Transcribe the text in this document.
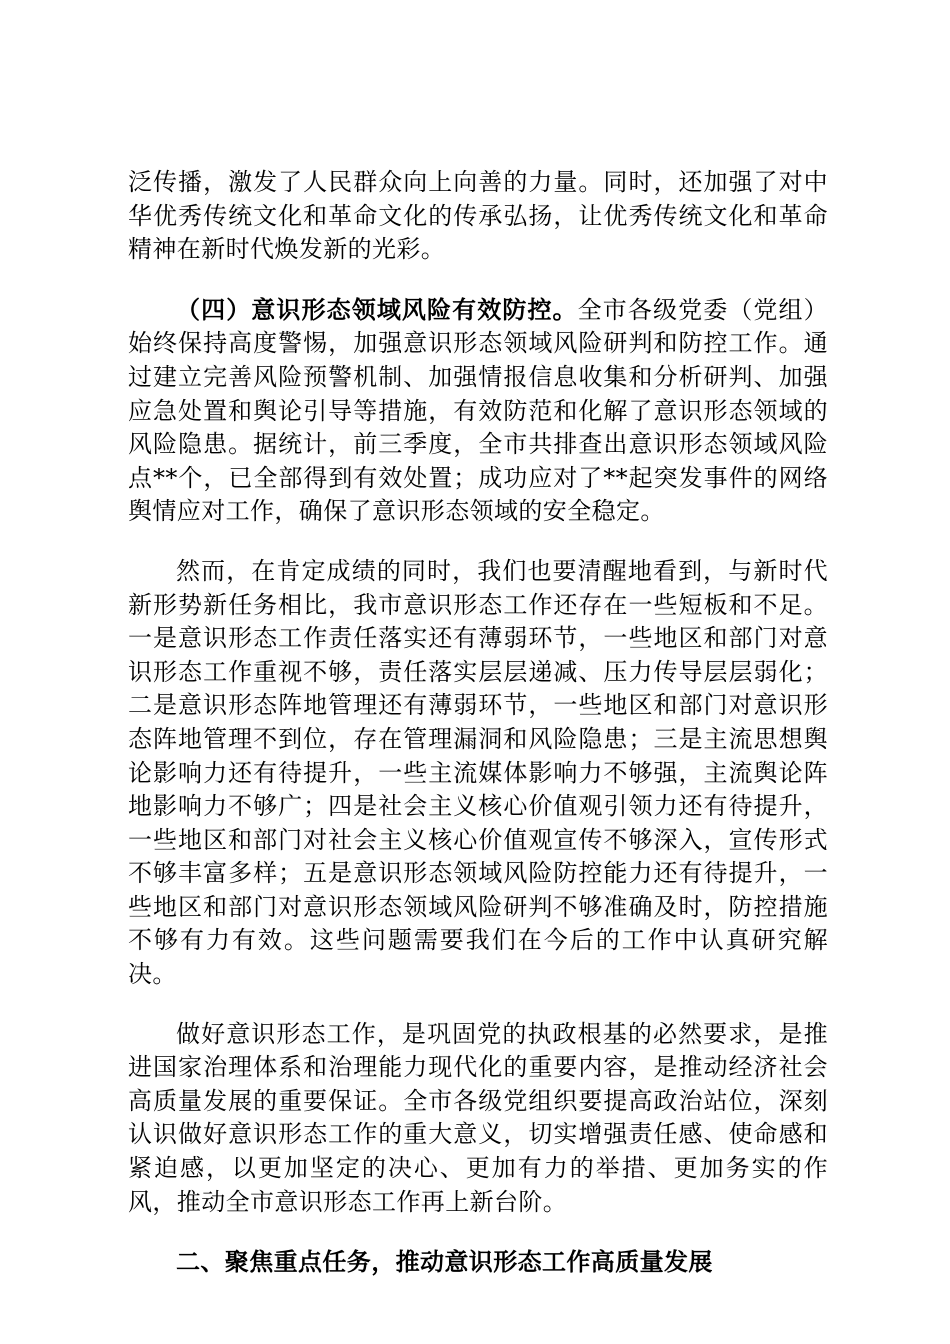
泛传播，激发了人民群众向上向善的力量。同时，还加强了对中华优秀传统文化和革命文化的传承弘扬，让优秀传统文化和革命精神在新时代焕发新的光彩。

（四）意识形态领域风险有效防控。全市各级党委（党组）始终保持高度警惕，加强意识形态领域风险研判和防控工作。通过建立完善风险预警机制、加强情报信息收集和分析研判、加强应急处置和舆论引导等措施，有效防范和化解了意识形态领域的风险隐患。据统计，前三季度，全市共排查出意识形态领域风险点**个，已全部得到有效处置；成功应对了**起突发事件的网络舆情应对工作，确保了意识形态领域的安全稳定。

然而，在肯定成绩的同时，我们也要清醒地看到，与新时代新形势新任务相比，我市意识形态工作还存在一些短板和不足。一是意识形态工作责任落实还有薄弱环节，一些地区和部门对意识形态工作重视不够，责任落实层层递减、压力传导层层弱化；二是意识形态阵地管理还有薄弱环节，一些地区和部门对意识形态阵地管理不到位，存在管理漏洞和风险隐患；三是主流思想舆论影响力还有待提升，一些主流媒体影响力不够强，主流舆论阵地影响力不够广；四是社会主义核心价值观引领力还有待提升，一些地区和部门对社会主义核心价值观宣传不够深入，宣传形式不够丰富多样；五是意识形态领域风险防控能力还有待提升，一些地区和部门对意识形态领域风险研判不够准确及时，防控措施不够有力有效。这些问题需要我们在今后的工作中认真研究解决。

做好意识形态工作，是巩固党的执政根基的必然要求，是推进国家治理体系和治理能力现代化的重要内容，是推动经济社会高质量发展的重要保证。全市各级党组织要提高政治站位，深刻认识做好意识形态工作的重大意义，切实增强责任感、使命感和紧迫感，以更加坚定的决心、更加有力的举措、更加务实的作风，推动全市意识形态工作再上新台阶。

二、聚焦重点任务，推动意识形态工作高质量发展
